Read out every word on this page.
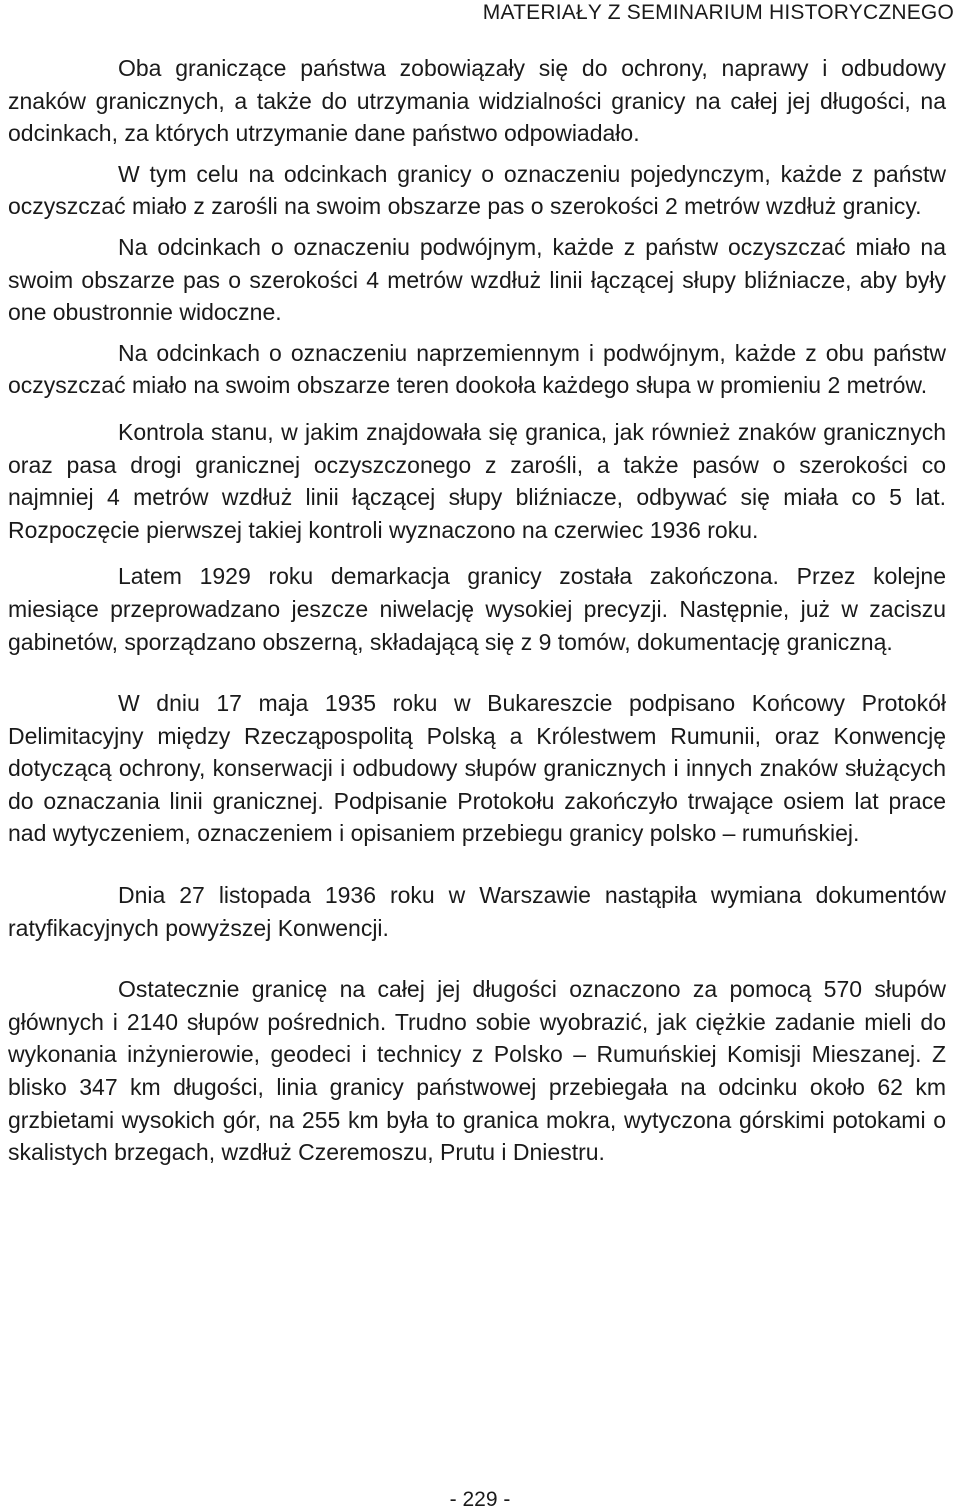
MATERIAŁY Z SEMINARIUM HISTORYCZNEGO

Oba graniczące państwa zobowiązały się do ochrony, naprawy i odbudowy znaków granicznych, a także do utrzymania widzialności granicy na całej jej długości, na odcinkach, za których utrzymanie dane państwo odpowiadało.

W tym celu na odcinkach granicy o oznaczeniu pojedynczym, każde z państw oczyszczać miało z zarośli na swoim obszarze pas o szerokości 2 metrów wzdłuż granicy.

Na odcinkach o oznaczeniu podwójnym, każde z państw oczyszczać miało na swoim obszarze pas o szerokości 4 metrów wzdłuż linii łączącej słupy bliźniacze, aby były one obustronnie widoczne.

Na odcinkach o oznaczeniu naprzemiennym i podwójnym, każde z obu państw oczyszczać miało na swoim obszarze teren dookoła każdego słupa w promieniu 2 metrów.

Kontrola stanu, w jakim znajdowała się granica, jak również znaków granicznych oraz pasa drogi granicznej oczyszczonego z zarośli, a także pasów o szerokości co najmniej 4 metrów wzdłuż linii łączącej słupy bliźniacze, odbywać się miała co 5 lat. Rozpoczęcie pierwszej takiej kontroli wyznaczono na czerwiec 1936 roku.

Latem 1929 roku demarkacja granicy została zakończona. Przez kolejne miesiące przeprowadzano jeszcze niwelację wysokiej precyzji. Następnie, już w zaciszu gabinetów, sporządzano obszerną, składającą się z 9 tomów, dokumentację graniczną.

W dniu 17 maja 1935 roku w Bukareszcie podpisano Końcowy Protokół Delimitacyjny między Rzecząpospolitą Polską a Królestwem Rumunii, oraz Konwencję dotyczącą ochrony, konserwacji i odbudowy słupów granicznych i innych znaków służących do oznaczania linii granicznej. Podpisanie Protokołu zakończyło trwające osiem lat prace nad wytyczeniem, oznaczeniem i opisaniem przebiegu granicy polsko – rumuńskiej.

Dnia 27 listopada 1936 roku w Warszawie nastąpiła wymiana dokumentów ratyfikacyjnych powyższej Konwencji.

Ostatecznie granicę na całej jej długości oznaczono za pomocą 570 słupów głównych i 2140 słupów pośrednich. Trudno sobie wyobrazić, jak ciężkie zadanie mieli do wykonania inżynierowie, geodeci i technicy z Polsko – Rumuńskiej Komisji Mieszanej. Z blisko 347 km długości, linia granicy państwowej przebiegała na odcinku około 62 km grzbietami wysokich gór, na 255 km była to granica mokra, wytyczona górskimi potokami o skalistych brzegach, wzdłuż Czeremoszu, Prutu i Dniestru.

- 229 -
